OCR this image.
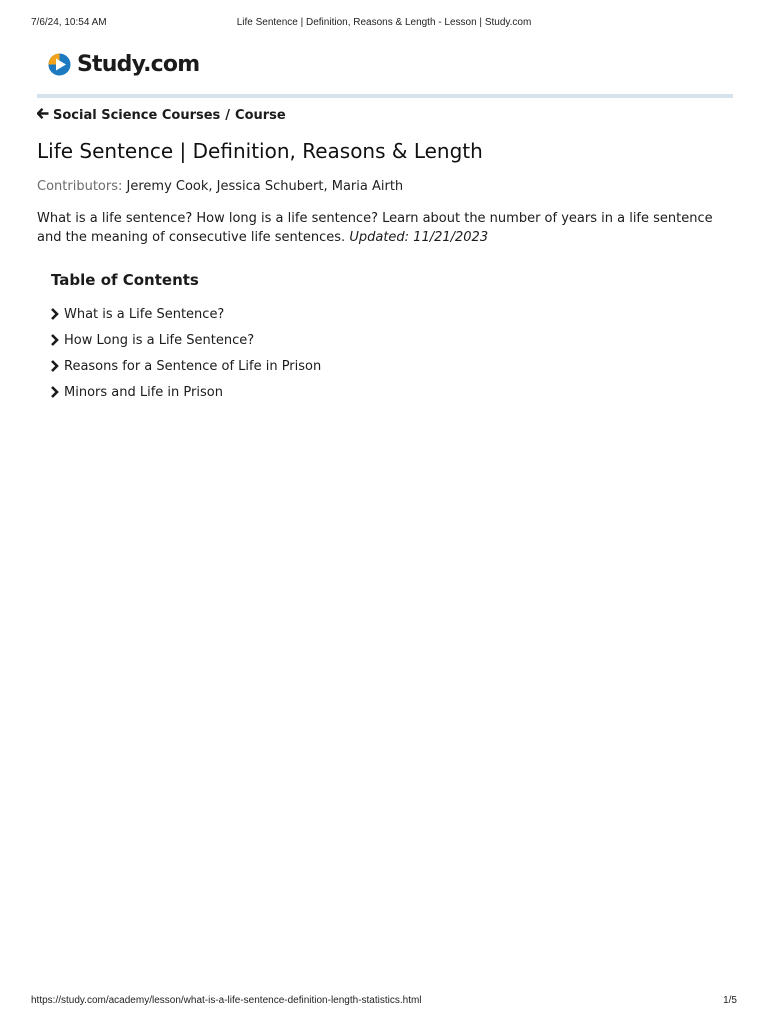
7/6/24, 10:54 AM	Life Sentence | Definition, Reasons & Length - Lesson | Study.com
Study.com
Social Science Courses / Course
Life Sentence | Definition, Reasons & Length
Contributors: Jeremy Cook, Jessica Schubert, Maria Airth

What is a life sentence? How long is a life sentence? Learn about the number of years in a life sentence and the meaning of consecutive life sentences. Updated: 11/21/2023

Table of Contents
What is a Life Sentence?
How Long is a Life Sentence?
Reasons for a Sentence of Life in Prison
Minors and Life in Prison
https://study.com/academy/lesson/what-is-a-life-sentence-definition-length-statistics.html	1/5
